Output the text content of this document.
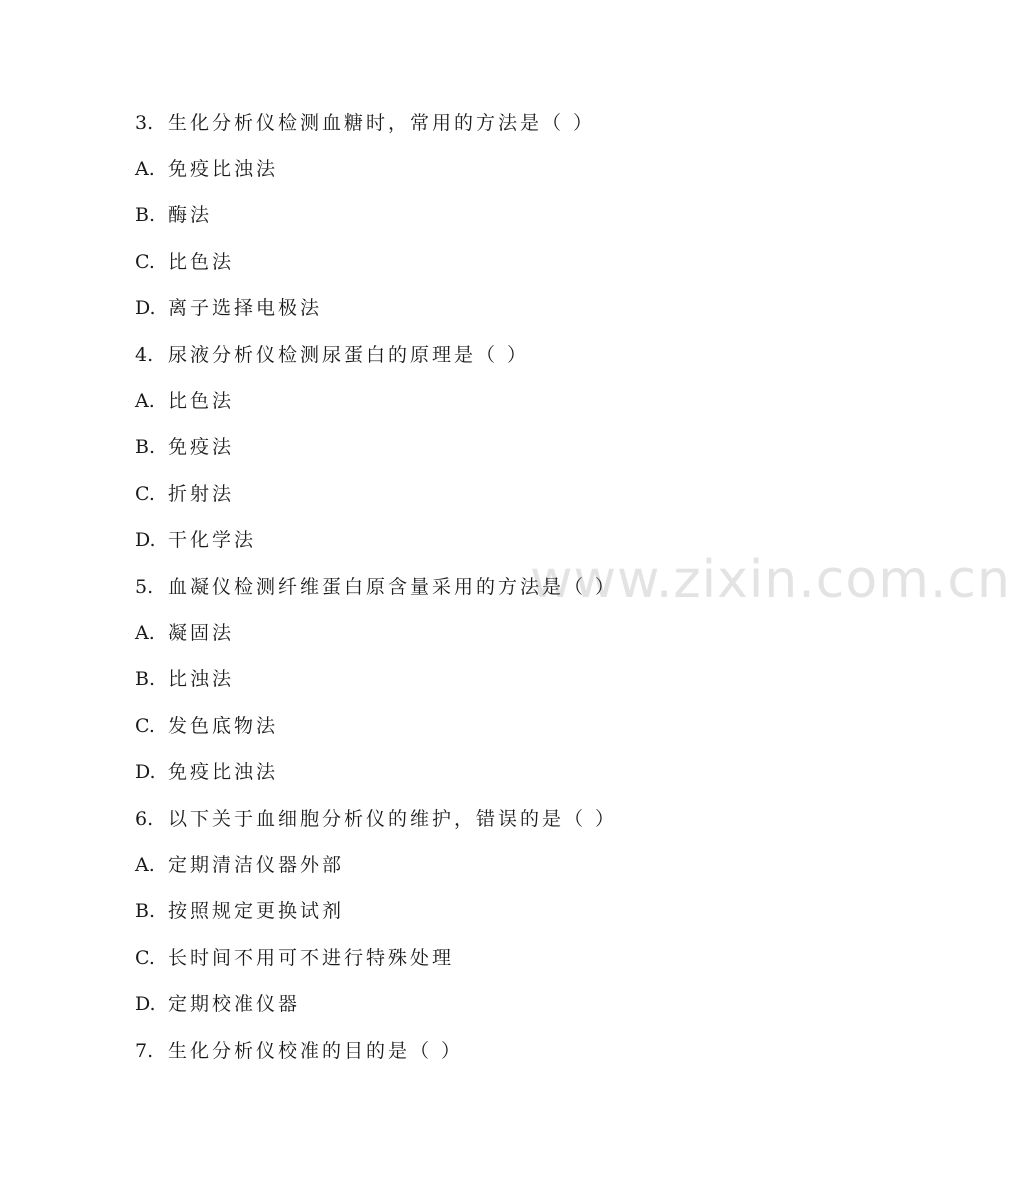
www.zixin.com.cn
3. 生化分析仪检测血糖时，常用的方法是（ ）
A. 免疫比浊法
B. 酶法
C. 比色法
D. 离子选择电极法
4. 尿液分析仪检测尿蛋白的原理是（ ）
A. 比色法
B. 免疫法
C. 折射法
D. 干化学法
5. 血凝仪检测纤维蛋白原含量采用的方法是（ ）
A. 凝固法
B. 比浊法
C. 发色底物法
D. 免疫比浊法
6. 以下关于血细胞分析仪的维护，错误的是（ ）
A. 定期清洁仪器外部
B. 按照规定更换试剂
C. 长时间不用可不进行特殊处理
D. 定期校准仪器
7. 生化分析仪校准的目的是（ ）
